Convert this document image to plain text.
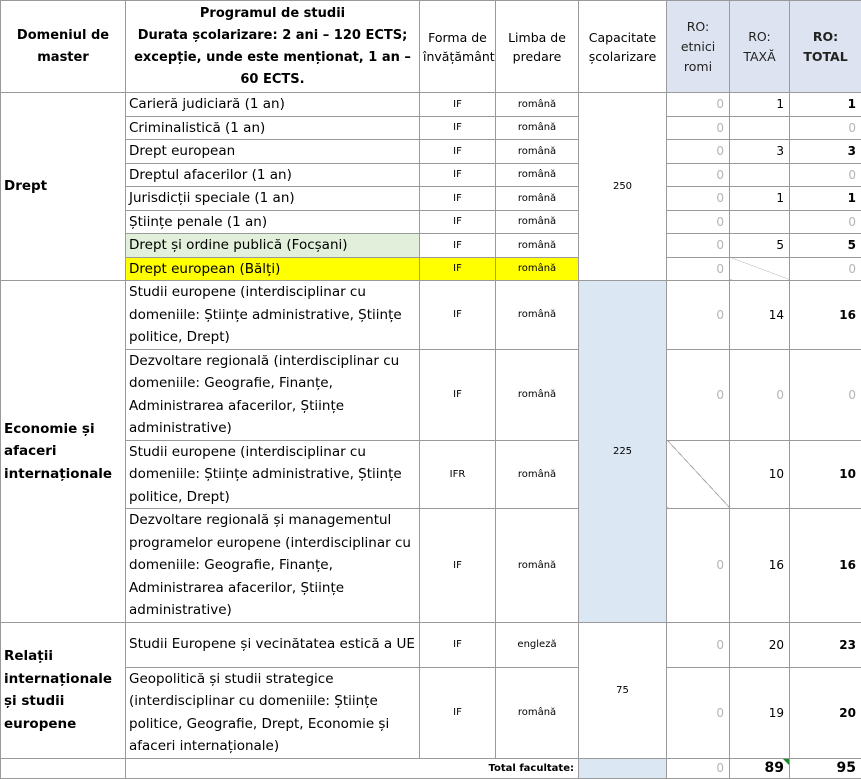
Domeniul de master	Programul de studii
Durata școlarizare: 2 ani – 120 ECTS;
excepție, unde este menționat, 1 an –
60 ECTS.	Forma de învățământ	Limba de predare	Capacitate școlarizare	RO: etnici romi	RO: TAXĂ	RO: TOTAL
Drept	Carieră judiciară (1 an)	IF	română	250	0	1	1
	Criminalistică (1 an)	IF	română		0		0
	Drept european	IF	română		0	3	3
	Dreptul afacerilor (1 an)	IF	română		0		0
	Jurisdicții speciale (1 an)	IF	română		0	1	1
	Științe penale (1 an)	IF	română		0		0
	Drept și ordine publică (Focșani)	IF	română		0	5	5
	Drept european (Bălți)	IF	română		0		0
Economie și afaceri internaționale	Studii europene (interdisciplinar cu domeniile: Științe administrative, Științe politice, Drept)	IF	română	225	0	14	16
	Dezvoltare regională (interdisciplinar cu domeniile: Geografie, Finanțe, Administrarea afacerilor, Științe administrative)	IF	română		0	0	0
	Studii europene (interdisciplinar cu domeniile: Științe administrative, Științe politice, Drept)	IFR	română			10	10
	Dezvoltare regională și managementul programelor europene (interdisciplinar cu domeniile: Geografie, Finanțe, Administrarea afacerilor, Științe administrative)	IF	română		0	16	16
Relații internaționale și studii europene	Studii Europene și vecinătatea estică a UE	IF	engleză	75	0	20	23
	Geopolitică și studii strategice (interdisciplinar cu domeniile: Științe politice, Geografie, Drept, Economie și afaceri internaționale)	IF	română		0	19	20
	Total facultate:				0	89	95
